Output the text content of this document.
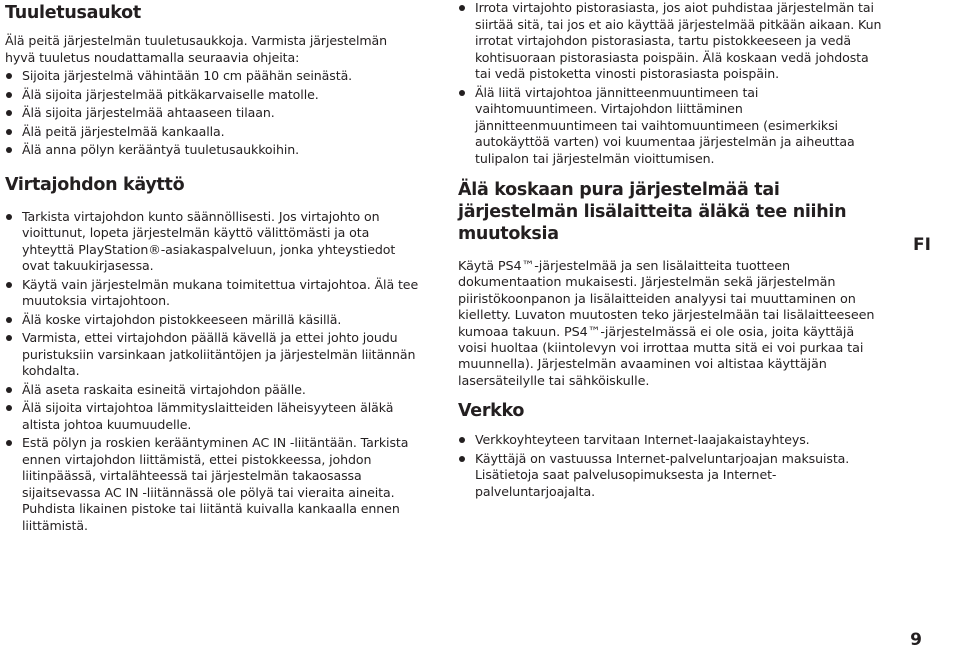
Tuuletusaukot

Älä peitä järjestelmän tuuletusaukkoja. Varmista järjestelmän hyvä tuuletus noudattamalla seuraavia ohjeita:

Sijoita järjestelmä vähintään 10 cm päähän seinästä.
Älä sijoita järjestelmää pitkäkarvaiselle matolle.
Älä sijoita järjestelmää ahtaaseen tilaan.
Älä peitä järjestelmää kankaalla.
Älä anna pölyn kerääntyä tuuletusaukkoihin.
Virtajohdon käyttö
Tarkista virtajohdon kunto säännöllisesti. Jos virtajohto on vioittunut, lopeta järjestelmän käyttö välittömästi ja ota yhteyttä PlayStation®-asiakaspalveluun, jonka yhteystiedot ovat takuukirjasessa.
Käytä vain järjestelmän mukana toimitettua virtajohtoa. Älä tee muutoksia virtajohtoon.
Älä koske virtajohdon pistokkeeseen märillä käsillä.
Varmista, ettei virtajohdon päällä kävellä ja ettei johto joudu puristuksiin varsinkaan jatkoliitäntöjen ja järjestelmän liitännän kohdalta.
Älä aseta raskaita esineitä virtajohdon päälle.
Älä sijoita virtajohtoa lämmityslaitteiden läheisyyteen äläkä altista johtoa kuumuudelle.
Estä pölyn ja roskien kerääntyminen AC IN -liitäntään. Tarkista ennen virtajohdon liittämistä, ettei pistokkeessa, johdon liitinpäässä, virtalähteessä tai järjestelmän takaosassa sijaitsevassa AC IN -liitännässä ole pölyä tai vieraita aineita. Puhdista likainen pistoke tai liitäntä kuivalla kankaalla ennen liittämistä.
Irrota virtajohto pistorasiasta, jos aiot puhdistaa järjestelmän tai siirtää sitä, tai jos et aio käyttää järjestelmää pitkään aikaan. Kun irrotat virtajohdon pistorasiasta, tartu pistokkeeseen ja vedä kohtisuoraan pistorasiasta poispäin. Älä koskaan vedä johdosta tai vedä pistoketta vinosti pistorasiasta poispäin.
Älä liitä virtajohtoa jännitteenmuuntimeen tai vaihtomuuntimeen. Virtajohdon liittäminen jännitteenmuuntimeen tai vaihtomuuntimeen (esimerkiksi autokäyttöä varten) voi kuumentaa järjestelmän ja aiheuttaa tulipalon tai järjestelmän vioittumisen.
Älä koskaan pura järjestelmää tai järjestelmän lisälaitteita äläkä tee niihin muutoksia

Käytä PS4™-järjestelmää ja sen lisälaitteita tuotteen dokumentaation mukaisesti. Järjestelmän sekä järjestelmän piiristökoonpanon ja lisälaitteiden analyysi tai muuttaminen on kielletty. Luvaton muutosten teko järjestelmään tai lisälaitteeseen kumoaa takuun. PS4™-järjestelmässä ei ole osia, joita käyttäjä voisi huoltaa (kiintolevyn voi irrottaa mutta sitä ei voi purkaa tai muunnella). Järjestelmän avaaminen voi altistaa käyttäjän lasersäteilylle tai sähköiskulle.

Verkko
Verkkoyhteyteen tarvitaan Internet-laajakaistayhteys.
Käyttäjä on vastuussa Internet-palveluntarjoajan maksuista. Lisätietoja saat palvelusopimuksesta ja Internet-palveluntarjoajalta.
FI
9
